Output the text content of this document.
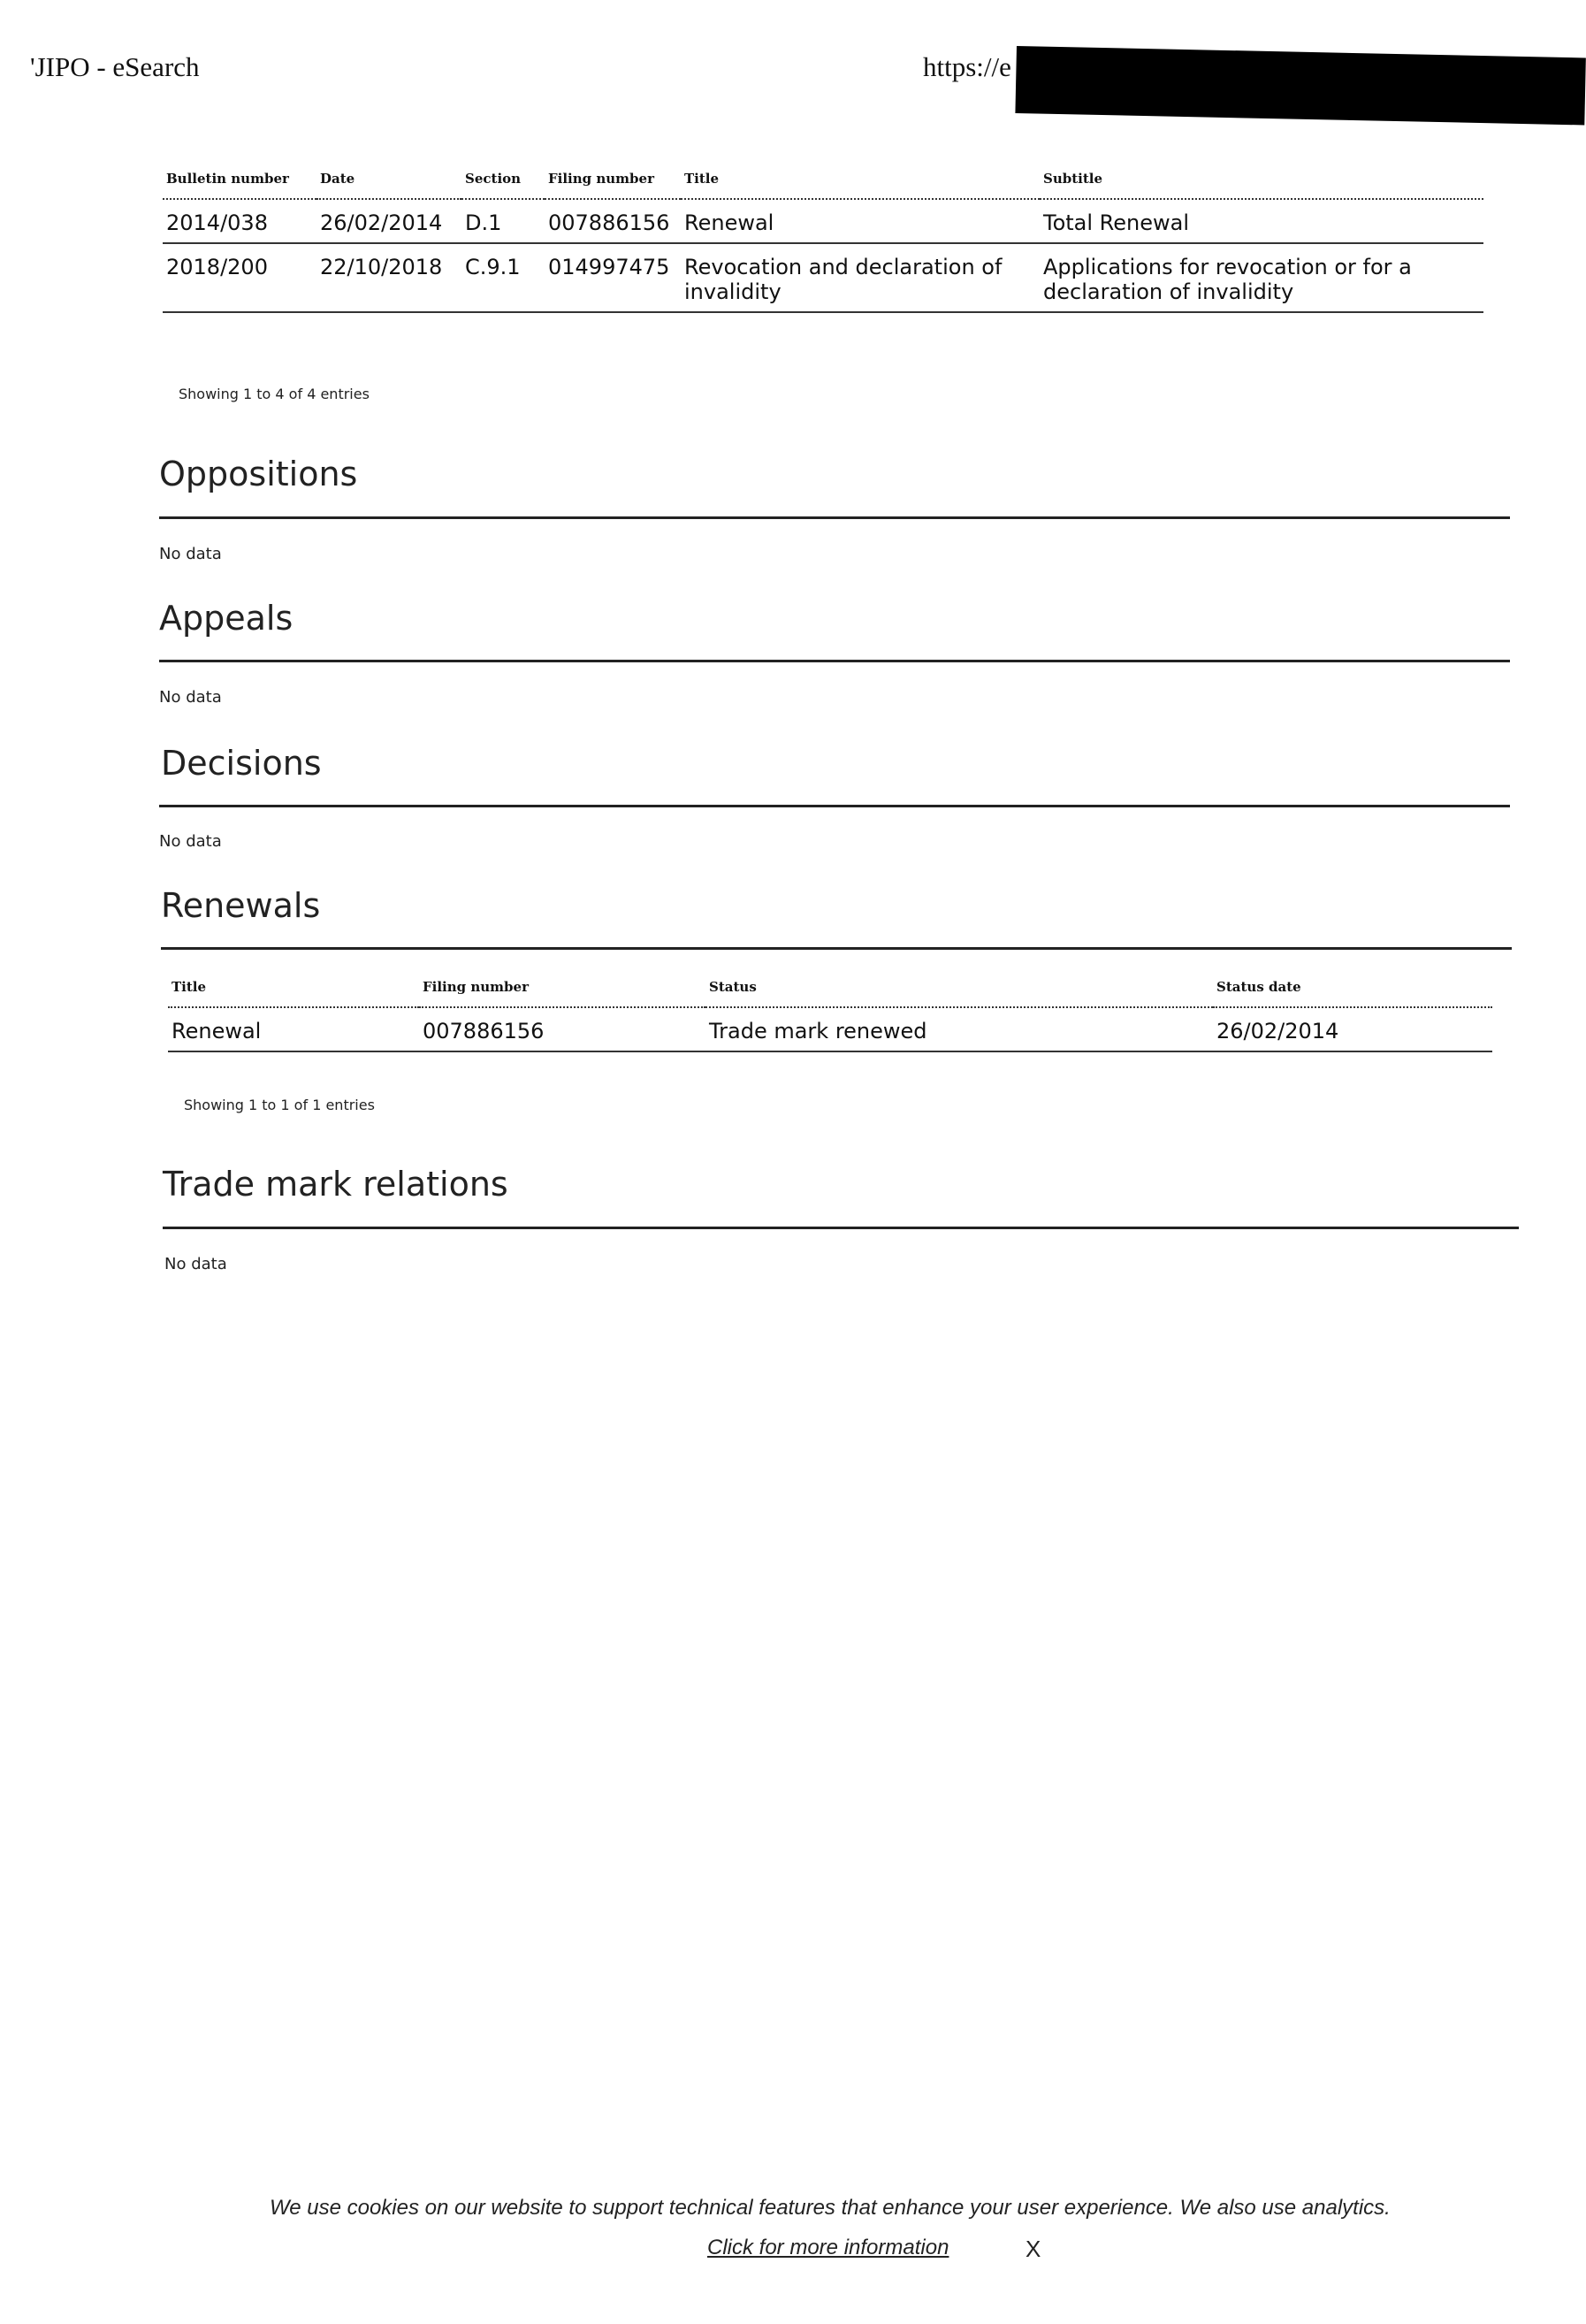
'JIPO - eSearch	https://e
Bulletin number	Date	Section	Filing number	Title	Subtitle
2014/038	26/02/2014	D.1	007886156	Renewal	Total Renewal
2018/200	22/10/2018	C.9.1	014997475	Revocation and declaration of invalidity	Applications for revocation or for a declaration of invalidity
Showing 1 to 4 of 4 entries
Oppositions
No data
Appeals
No data
Decisions
No data
Renewals
Title	Filing number	Status	Status date
Renewal	007886156	Trade mark renewed	26/02/2014
Showing 1 to 1 of 1 entries
Trade mark relations
No data
We use cookies on our website to support technical features that enhance your user experience. We also use analytics.
Click for more information	X
